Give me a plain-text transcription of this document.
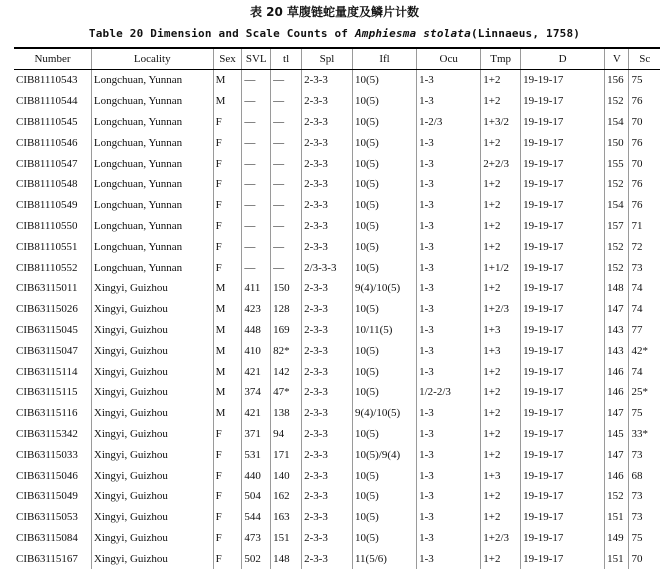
表 20 草腹链蛇量度及鳞片计数
Table 20 Dimension and Scale Counts of Amphiesma stolata(Linnaeus, 1758)
Number	Locality	Sex	SVL	tl	Spl	Ifl	Ocu	Tmp	D	V	Sc
CIB81110543	Longchuan, Yunnan	M	—	—	2-3-3	10(5)	1-3	1+2	19-19-17	156	75
CIB81110544	Longchuan, Yunnan	M	—	—	2-3-3	10(5)	1-3	1+2	19-19-17	152	76
CIB81110545	Longchuan, Yunnan	F	—	—	2-3-3	10(5)	1-2/3	1+3/2	19-19-17	154	70
CIB81110546	Longchuan, Yunnan	F	—	—	2-3-3	10(5)	1-3	1+2	19-19-17	150	76
CIB81110547	Longchuan, Yunnan	F	—	—	2-3-3	10(5)	1-3	2+2/3	19-19-17	155	70
CIB81110548	Longchuan, Yunnan	F	—	—	2-3-3	10(5)	1-3	1+2	19-19-17	152	76
CIB81110549	Longchuan, Yunnan	F	—	—	2-3-3	10(5)	1-3	1+2	19-19-17	154	76
CIB81110550	Longchuan, Yunnan	F	—	—	2-3-3	10(5)	1-3	1+2	19-19-17	157	71
CIB81110551	Longchuan, Yunnan	F	—	—	2-3-3	10(5)	1-3	1+2	19-19-17	152	72
CIB81110552	Longchuan, Yunnan	F	—	—	2/3-3-3	10(5)	1-3	1+1/2	19-19-17	152	73
CIB63115011	Xingyi, Guizhou	M	411	150	2-3-3	9(4)/10(5)	1-3	1+2	19-19-17	148	74
CIB63115026	Xingyi, Guizhou	M	423	128	2-3-3	10(5)	1-3	1+2/3	19-19-17	147	74
CIB63115045	Xingyi, Guizhou	M	448	169	2-3-3	10/11(5)	1-3	1+3	19-19-17	143	77
CIB63115047	Xingyi, Guizhou	M	410	82*	2-3-3	10(5)	1-3	1+3	19-19-17	143	42*
CIB63115114	Xingyi, Guizhou	M	421	142	2-3-3	10(5)	1-3	1+2	19-19-17	146	74
CIB63115115	Xingyi, Guizhou	M	374	47*	2-3-3	10(5)	1/2-2/3	1+2	19-19-17	146	25*
CIB63115116	Xingyi, Guizhou	M	421	138	2-3-3	9(4)/10(5)	1-3	1+2	19-19-17	147	75
CIB63115342	Xingyi, Guizhou	F	371	94	2-3-3	10(5)	1-3	1+2	19-19-17	145	33*
CIB63115033	Xingyi, Guizhou	F	531	171	2-3-3	10(5)/9(4)	1-3	1+2	19-19-17	147	73
CIB63115046	Xingyi, Guizhou	F	440	140	2-3-3	10(5)	1-3	1+3	19-19-17	146	68
CIB63115049	Xingyi, Guizhou	F	504	162	2-3-3	10(5)	1-3	1+2	19-19-17	152	73
CIB63115053	Xingyi, Guizhou	F	544	163	2-3-3	10(5)	1-3	1+2	19-19-17	151	73
CIB63115084	Xingyi, Guizhou	F	473	151	2-3-3	10(5)	1-3	1+2/3	19-19-17	149	75
CIB63115167	Xingyi, Guizhou	F	502	148	2-3-3	11(5/6)	1-3	1+2	19-19-17	151	70
